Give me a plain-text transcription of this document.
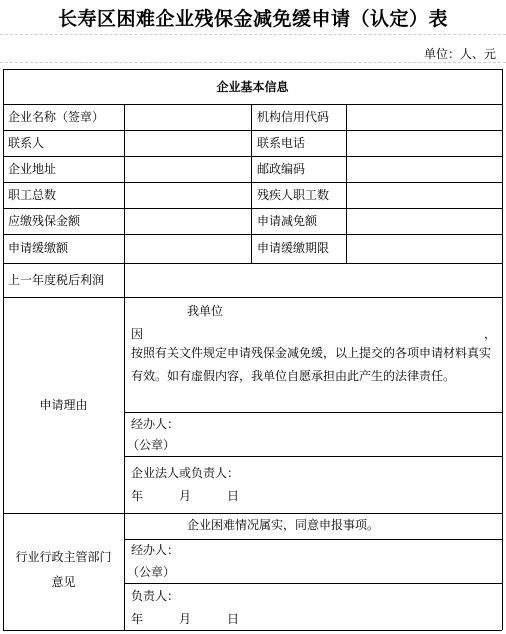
长寿区困难企业残保金减免缓申请（认定）表
单位：人、元
企业基本信息
企业名称（签章）	机构信用代码
联系人	联系电话
企业地址	邮政编码
职工总数	残疾人职工数
应缴残保金额	申请减免额
申请缓缴额	申请缓缴期限
上一年度税后利润
申请理由
我单位
因	，
按照有关文件规定申请残保金减免缓，以上提交的各项申请材料真实有效。如有虚假内容，我单位自愿承担由此产生的法律责任。
经办人：
（公章）
企业法人或负责人：
年　　　月　　　日
行业行政主管部门
意见
企业困难情况属实，同意申报事项。
经办人：
（公章）
负责人：
年　　　月　　　日
